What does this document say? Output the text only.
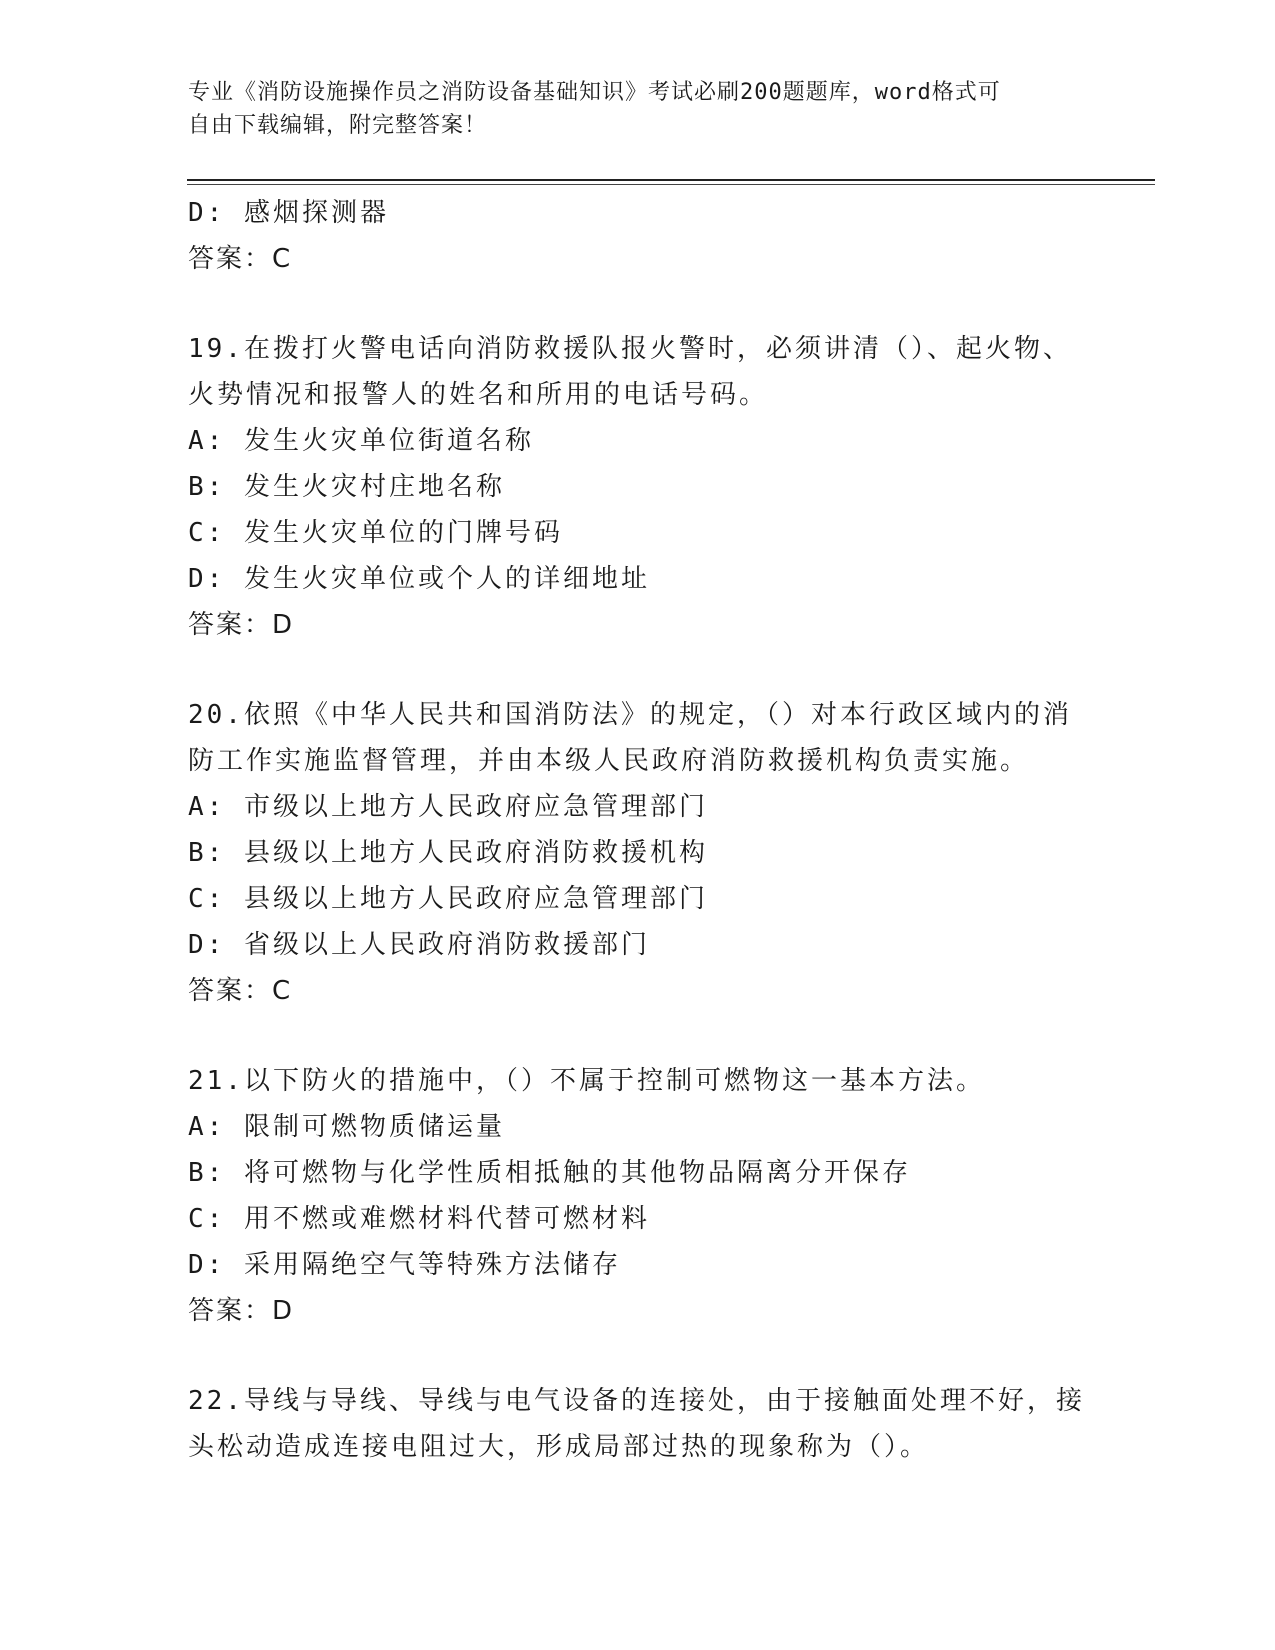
专业《消防设施操作员之消防设备基础知识》考试必刷200题题库，word格式可
自由下载编辑，附完整答案！
D: 感烟探测器
答案：C
19.在拨打火警电话向消防救援队报火警时，必须讲清（）、起火物、
火势情况和报警人的姓名和所用的电话号码。
A: 发生火灾单位街道名称
B: 发生火灾村庄地名称
C: 发生火灾单位的门牌号码
D: 发生火灾单位或个人的详细地址
答案：D
20.依照《中华人民共和国消防法》的规定，（）对本行政区域内的消
防工作实施监督管理，并由本级人民政府消防救援机构负责实施。
A: 市级以上地方人民政府应急管理部门
B: 县级以上地方人民政府消防救援机构
C: 县级以上地方人民政府应急管理部门
D: 省级以上人民政府消防救援部门
答案：C
21.以下防火的措施中，（）不属于控制可燃物这一基本方法。
A: 限制可燃物质储运量
B: 将可燃物与化学性质相抵触的其他物品隔离分开保存
C: 用不燃或难燃材料代替可燃材料
D: 采用隔绝空气等特殊方法储存
答案：D
22.导线与导线、导线与电气设备的连接处，由于接触面处理不好，接
头松动造成连接电阻过大，形成局部过热的现象称为（）。
